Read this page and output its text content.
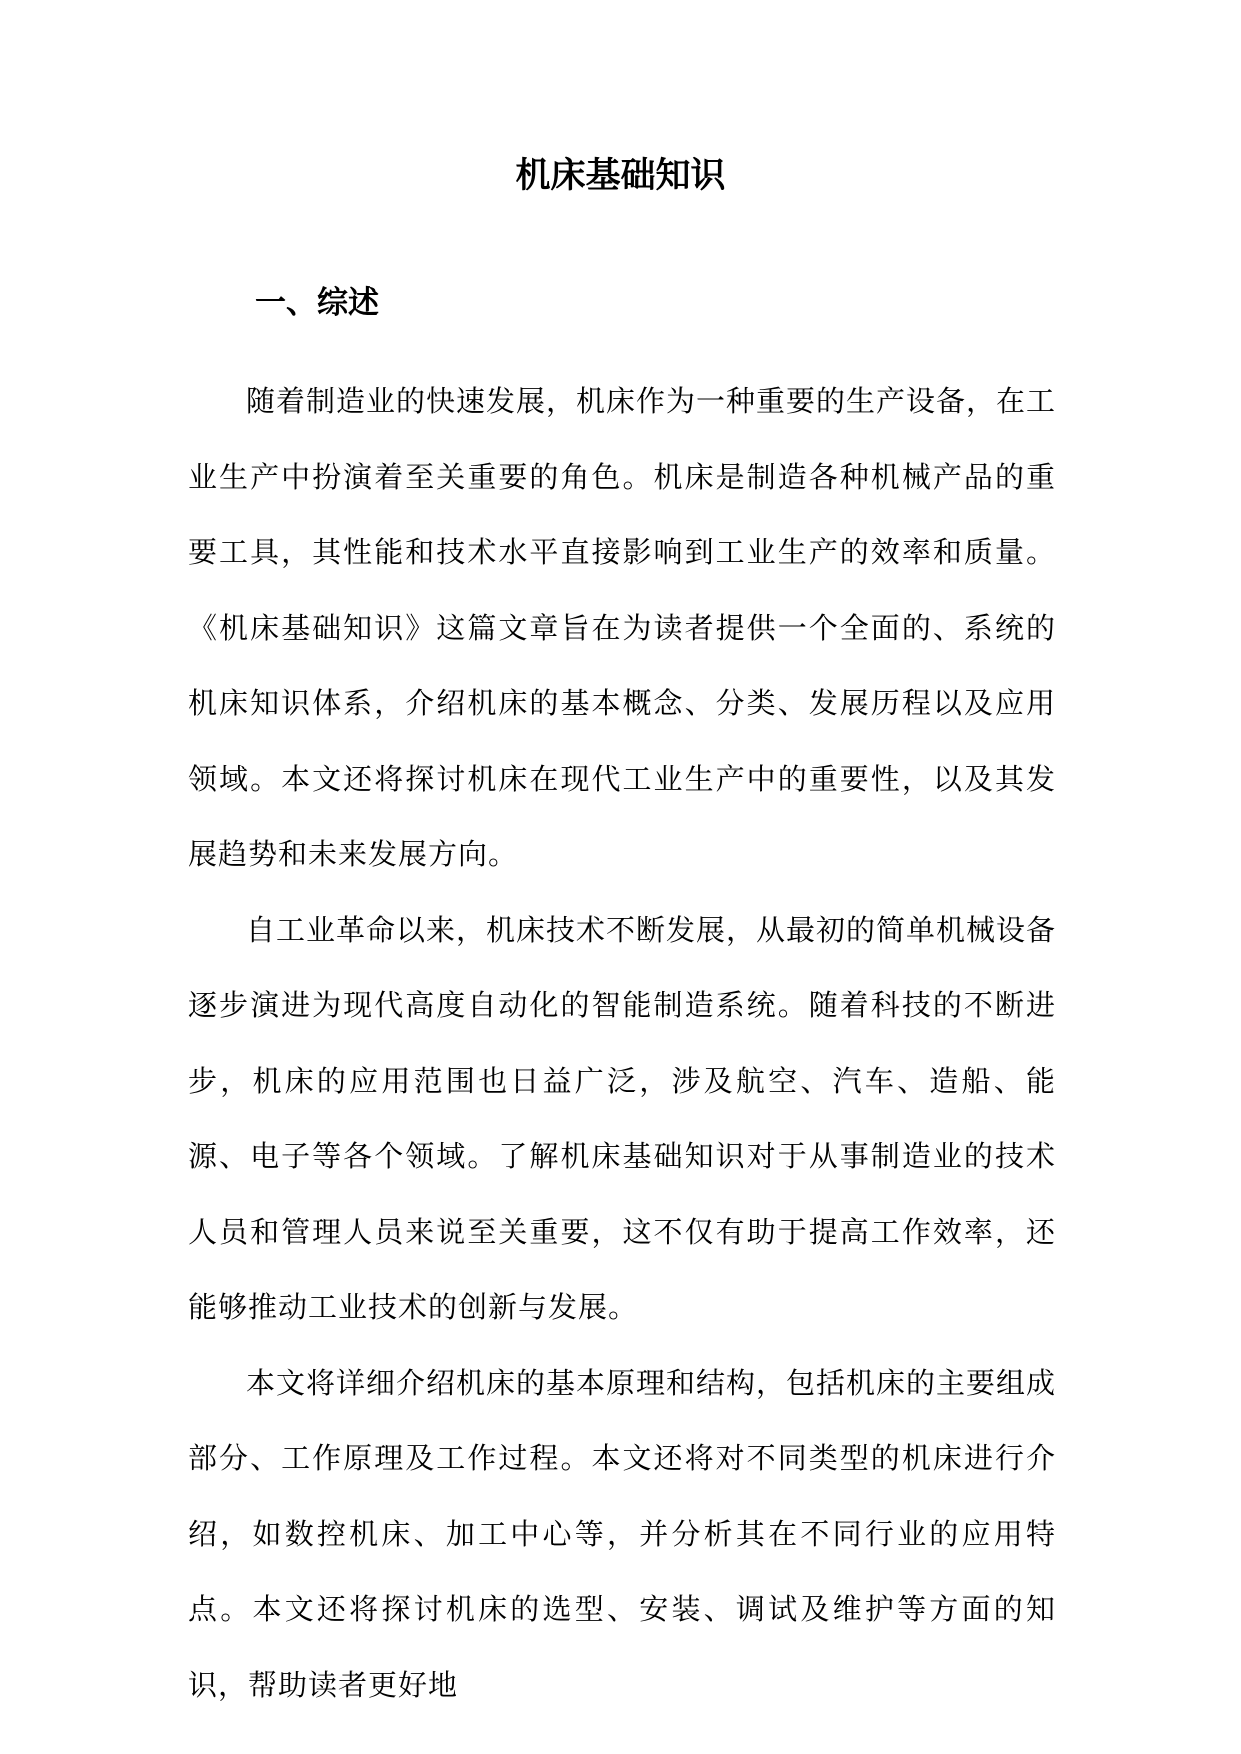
机床基础知识
一、综述

随着制造业的快速发展，机床作为一种重要的生产设备，在工业生产中扮演着至关重要的角色。机床是制造各种机械产品的重要工具，其性能和技术水平直接影响到工业生产的效率和质量。《机床基础知识》这篇文章旨在为读者提供一个全面的、系统的机床知识体系，介绍机床的基本概念、分类、发展历程以及应用领域。本文还将探讨机床在现代工业生产中的重要性，以及其发展趋势和未来发展方向。

自工业革命以来，机床技术不断发展，从最初的简单机械设备逐步演进为现代高度自动化的智能制造系统。随着科技的不断进步，机床的应用范围也日益广泛，涉及航空、汽车、造船、能源、电子等各个领域。了解机床基础知识对于从事制造业的技术人员和管理人员来说至关重要，这不仅有助于提高工作效率，还能够推动工业技术的创新与发展。

本文将详细介绍机床的基本原理和结构，包括机床的主要组成部分、工作原理及工作过程。本文还将对不同类型的机床进行介绍，如数控机床、加工中心等，并分析其在不同行业的应用特点。本文还将探讨机床的选型、安装、调试及维护等方面的知识，帮助读者更好地
